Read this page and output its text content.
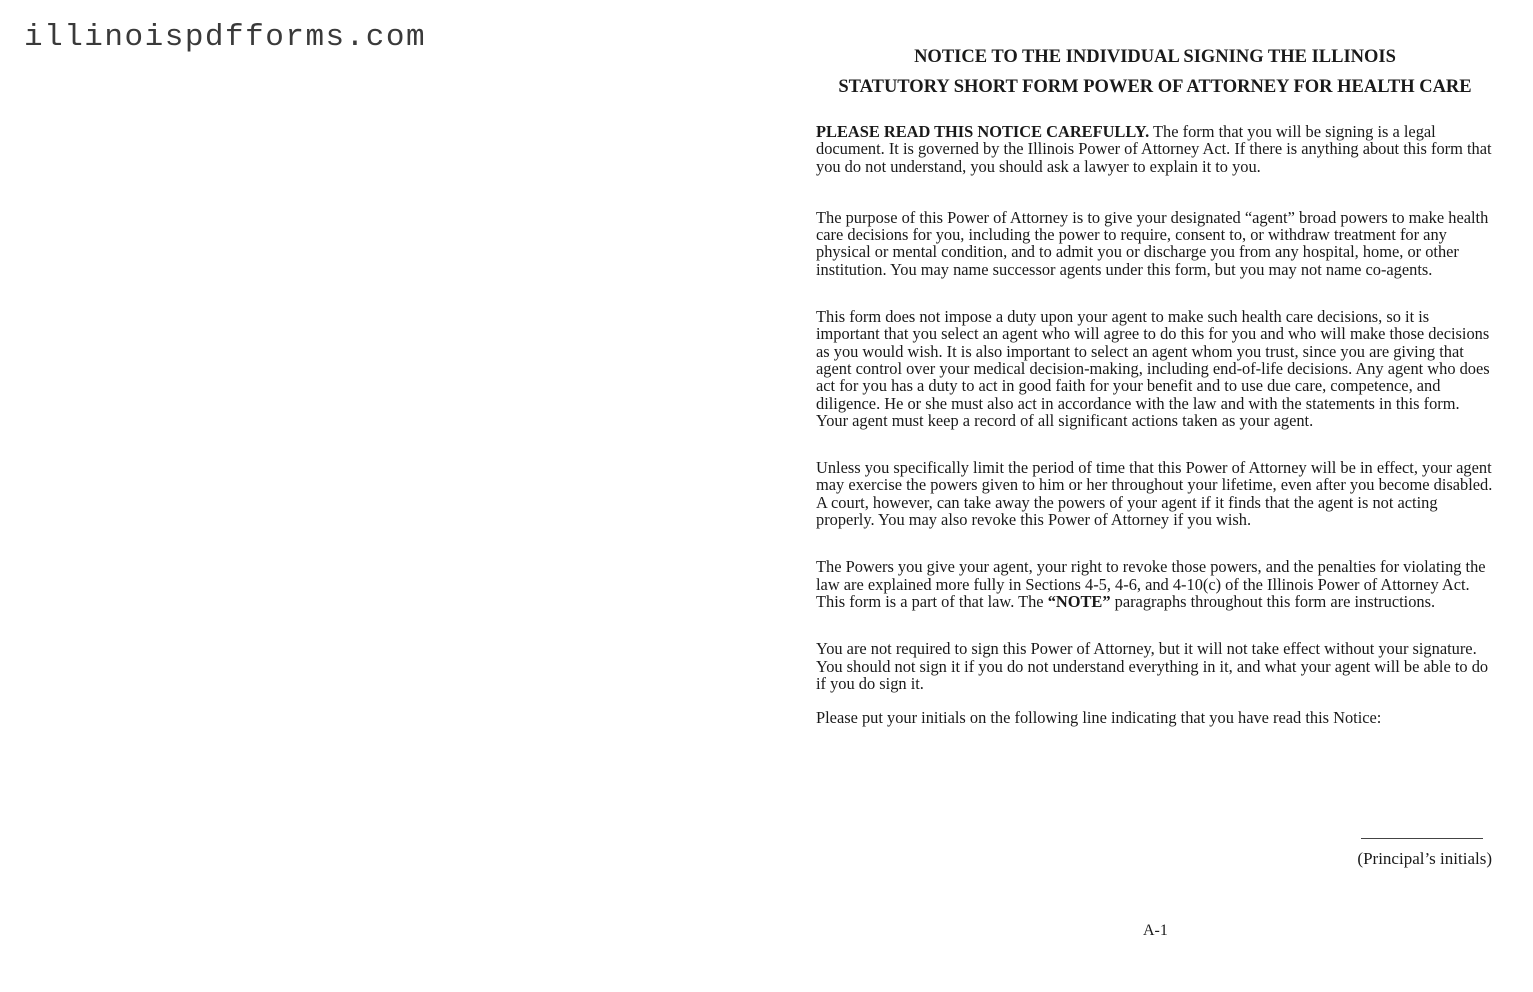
illinoispdfforms.com
NOTICE TO THE INDIVIDUAL SIGNING THE ILLINOIS
STATUTORY SHORT FORM POWER OF ATTORNEY FOR HEALTH CARE

PLEASE READ THIS NOTICE CAREFULLY. The form that you will be signing is a legal document. It is governed by the Illinois Power of Attorney Act. If there is anything about this form that you do not understand, you should ask a lawyer to explain it to you.

The purpose of this Power of Attorney is to give your designated “agent” broad powers to make health care decisions for you, including the power to require, consent to, or withdraw treatment for any physical or mental condition, and to admit you or discharge you from any hospital, home, or other institution. You may name successor agents under this form, but you may not name co-agents.

This form does not impose a duty upon your agent to make such health care decisions, so it is important that you select an agent who will agree to do this for you and who will make those decisions as you would wish. It is also important to select an agent whom you trust, since you are giving that agent control over your medical decision-making, including end-of-life decisions. Any agent who does act for you has a duty to act in good faith for your benefit and to use due care, competence, and diligence. He or she must also act in accordance with the law and with the statements in this form. Your agent must keep a record of all significant actions taken as your agent.

Unless you specifically limit the period of time that this Power of Attorney will be in effect, your agent may exercise the powers given to him or her throughout your lifetime, even after you become disabled. A court, however, can take away the powers of your agent if it finds that the agent is not acting properly. You may also revoke this Power of Attorney if you wish.

The Powers you give your agent, your right to revoke those powers, and the penalties for violating the law are explained more fully in Sections 4-5, 4-6, and 4-10(c) of the Illinois Power of Attorney Act. This form is a part of that law. The “NOTE” paragraphs throughout this form are instructions.

You are not required to sign this Power of Attorney, but it will not take effect without your signature. You should not sign it if you do not understand everything in it, and what your agent will be able to do if you do sign it.

Please put your initials on the following line indicating that you have read this Notice:

(Principal’s initials)
A-1
